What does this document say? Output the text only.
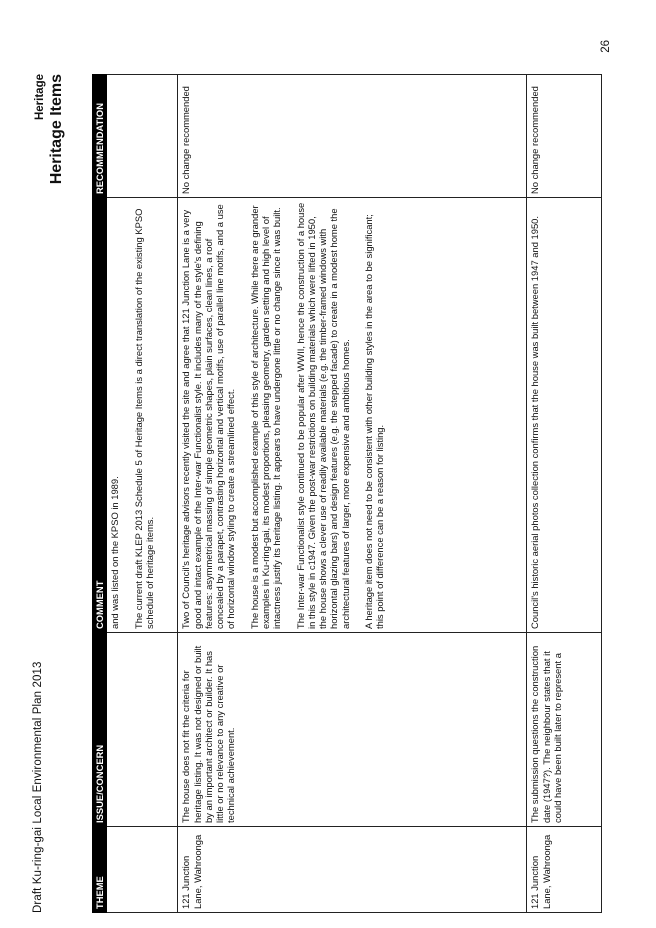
Draft Ku-ring-gai Local Environmental Plan 2013
Heritage Heritage Items
THEME	ISSUE/CONCERN	COMMENT	RECOMMENDATION

		and was listed on the KPSO in 1989. The current draft KLEP 2013 Schedule 5 of Heritage Items is a direct translation of the existing KPSO schedule of heritage items.	

121 Junction Lane, Wahroonga	The house does not fit the criteria for heritage listing. It was not designed or built by an important architect or builder. It has little or no relevance to any creative or technical achievement.	Two of Council's heritage advisors recently visited the site and agree that 121 Junction Lane is a very good and intact example of the Inter-war Functionalist style. It includes many of the style's defining features: asymmetrical massing of simple geometric shapes, plain surfaces, clean lines, a roof concealed by a parapet, contrasting horizontal and vertical motifs, use of parallel line motifs, and a use of horizontal window styling to create a streamlined effect. The house is a modest but accomplished example of this style of architecture. While there are grander examples in Ku-ring-gai, its modest proportions, pleasing geometry, garden setting and high level of intactness justify its heritage listing. It appears to have undergone little or no change since it was built. The Inter-war Functionalist style continued to be popular after WWII, hence the construction of a house in this style in c1947. Given the post-war restrictions on building materials which were lifted in 1950, the house shows a clever use of readily available materials (e.g. the timber-framed windows with horizontal glazing bars) and design features (e.g. the stepped facade) to create in a modest home the architectural features of larger, more expensive and ambitious homes. A heritage item does not need to be consistent with other building styles in the area to be significant; this point of difference can be a reason for listing.	No change recommended
121 Junction Lane, Wahroonga	The submission questions the construction date (1947?). The neighbour states that it could have been built later to represent a	Council's historic aerial photos collection confirms that the house was built between 1947 and 1950.	No change recommended
26
